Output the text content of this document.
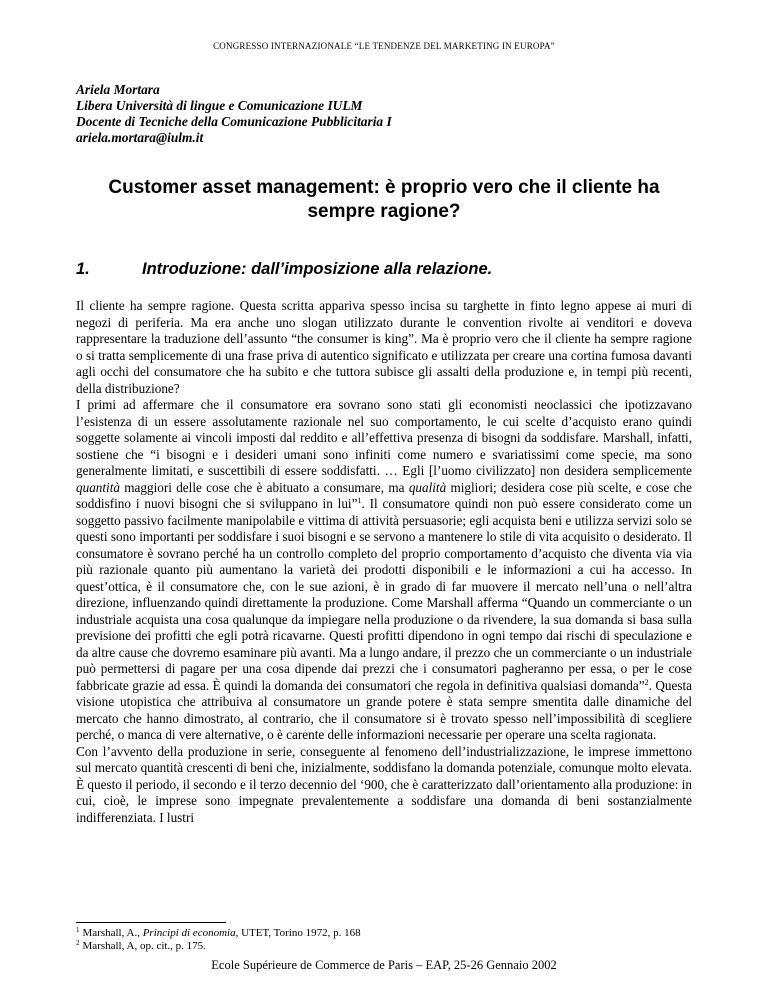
CONGRESSO INTERNAZIONALE “LE TENDENZE DEL MARKETING IN EUROPA”
Ariela Mortara
Libera Università di lingue e Comunicazione IULM
Docente di Tecniche della Comunicazione Pubblicitaria I
ariela.mortara@iulm.it
Customer asset management: è proprio vero che il cliente ha sempre ragione?
1.	Introduzione: dall’imposizione alla relazione.

Il cliente ha sempre ragione. Questa scritta appariva spesso incisa su targhette in finto legno appese ai muri di negozi di periferia. Ma era anche uno slogan utilizzato durante le convention rivolte ai venditori e doveva rappresentare la traduzione dell’assunto “the consumer is king”. Ma è proprio vero che il cliente ha sempre ragione o si tratta semplicemente di una frase priva di autentico significato e utilizzata per creare una cortina fumosa davanti agli occhi del consumatore che ha subito e che tuttora subisce gli assalti della produzione e, in tempi più recenti, della distribuzione?

I primi ad affermare che il consumatore era sovrano sono stati gli economisti neoclassici che ipotizzavano l’esistenza di un essere assolutamente razionale nel suo comportamento, le cui scelte d’acquisto erano quindi soggette solamente ai vincoli imposti dal reddito e all’effettiva presenza di bisogni da soddisfare. Marshall, infatti, sostiene che “i bisogni e i desideri umani sono infiniti come numero e svariatissimi come specie, ma sono generalmente limitati, e suscettibili di essere soddisfatti. … Egli [l’uomo civilizzato] non desidera semplicemente quantità maggiori delle cose che è abituato a consumare, ma qualità migliori; desidera cose più scelte, e cose che soddisfino i nuovi bisogni che si sviluppano in lui”$^1$. Il consumatore quindi non può essere considerato come un soggetto passivo facilmente manipolabile e vittima di attività persuasorie; egli acquista beni e utilizza servizi solo se questi sono importanti per soddisfare i suoi bisogni e se servono a mantenere lo stile di vita acquisito o desiderato. Il consumatore è sovrano perché ha un controllo completo del proprio comportamento d’acquisto che diventa via via più razionale quanto più aumentano la varietà dei prodotti disponibili e le informazioni a cui ha accesso. In quest’ottica, è il consumatore che, con le sue azioni, è in grado di far muovere il mercato nell’una o nell’altra direzione, influenzando quindi direttamente la produzione. Come Marshall afferma “Quando un commerciante o un industriale acquista una cosa qualunque da impiegare nella produzione o da rivendere, la sua domanda si basa sulla previsione dei profitti che egli potrà ricavarne. Questi profitti dipendono in ogni tempo dai rischi di speculazione e da altre cause che dovremo esaminare più avanti. Ma a lungo andare, il prezzo che un commerciante o un industriale può permettersi di pagare per una cosa dipende dai prezzi che i consumatori pagheranno per essa, o per le cose fabbricate grazie ad essa. È quindi la domanda dei consumatori che regola in definitiva qualsiasi domanda”$^2$. Questa visione utopistica che attribuiva al consumatore un grande potere è stata sempre smentita dalle dinamiche del mercato che hanno dimostrato, al contrario, che il consumatore si è trovato spesso nell’impossibilità di scegliere perché, o manca di vere alternative, o è carente delle informazioni necessarie per operare una scelta ragionata.

Con l’avvento della produzione in serie, conseguente al fenomeno dell’industrializzazione, le imprese immettono sul mercato quantità crescenti di beni che, inizialmente, soddisfano la domanda potenziale, comunque molto elevata. È questo il periodo, il secondo e il terzo decennio del ‘900, che è caratterizzato dall’orientamento alla produzione: in cui, cioè, le imprese sono impegnate prevalentemente a soddisfare una domanda di beni sostanzialmente indifferenziata. I lustri

$^1$ Marshall, A., Principi di economia, UTET, Torino 1972, p. 168
$^2$ Marshall, A, op. cit., p. 175.
Ecole Supérieure de Commerce de Paris – EAP, 25-26 Gennaio 2002
